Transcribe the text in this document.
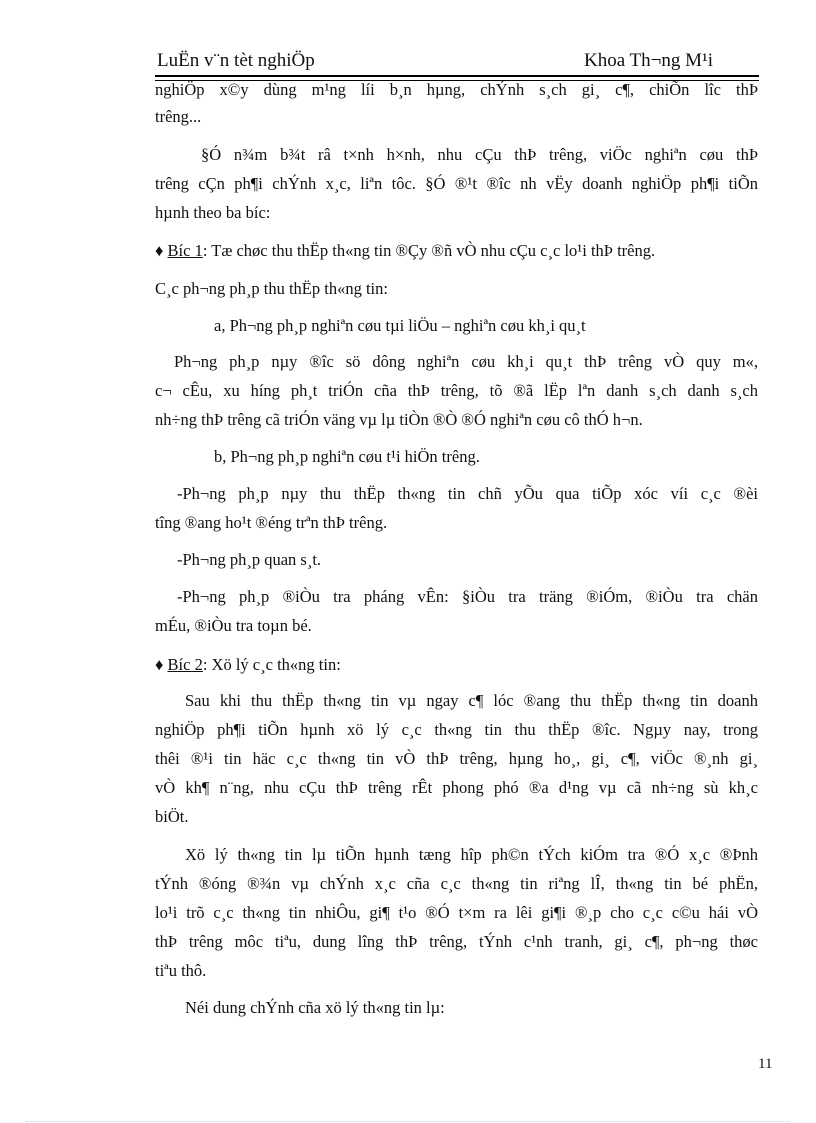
LuËn v¨n tèt nghiÖp	Khoa Th¬ng M¹i
nghiÖp x©y dùng m¹ng líi b¸n hµng, chÝnh s¸ch gi¸ c¶, chiÕn lîc thÞ
trêng...
§Ó n¾m b¾t râ t×nh h×nh, nhu cÇu thÞ trêng, viÖc nghiªn cøu thÞ
trêng cÇn ph¶i chÝnh x¸c, liªn tôc. §Ó ®¹t ®îc nh vËy doanh nghiÖp ph¶i tiÕn
hµnh theo ba bíc:
♦ Bíc 1: Tæ chøc thu thËp th«ng tin ®Çy ®ñ vÒ nhu cÇu c¸c lo¹i thÞ trêng.
C¸c ph¬ng ph¸p thu thËp th«ng tin:
a, Ph¬ng ph¸p nghiªn cøu tµi liÖu – nghiªn cøu kh¸i qu¸t
Ph¬ng ph¸p nµy ®îc sö dông nghiªn cøu kh¸i qu¸t thÞ trêng vÒ quy m«,
c¬ cÊu, xu híng ph¸t triÓn cña thÞ trêng, tõ ®ã lËp lªn danh s¸ch danh s¸ch
nh÷ng thÞ trêng cã triÓn väng vµ lµ tiÒn ®Ò ®Ó nghiªn cøu cô thÓ h¬n.
b, Ph¬ng ph¸p nghiªn cøu t¹i hiÖn trêng.
-Ph¬ng ph¸p nµy thu thËp th«ng tin chñ yÕu qua tiÕp xóc víi c¸c ®èi
tîng ®ang ho¹t ®éng trªn thÞ trêng.
-Ph¬ng ph¸p quan s¸t.
-Ph¬ng ph¸p ®iÒu tra pháng vÊn: §iÒu tra träng ®iÓm, ®iÒu tra chän
mÉu, ®iÒu tra toµn bé.
♦ Bíc 2: Xö lý c¸c th«ng tin:
Sau khi thu thËp th«ng tin vµ ngay c¶ lóc ®ang thu thËp th«ng tin doanh
nghiÖp ph¶i tiÕn hµnh xö lý c¸c th«ng tin thu thËp ®îc. Ngµy nay, trong
thêi ®¹i tin häc c¸c th«ng tin vÒ thÞ trêng, hµng ho¸, gi¸ c¶, viÖc ®¸nh gi¸
vÒ kh¶ n¨ng, nhu cÇu thÞ trêng rÊt phong phó ®a d¹ng vµ cã nh÷ng sù kh¸c
biÖt.
Xö lý th«ng tin lµ tiÕn hµnh tæng hîp ph©n tÝch kiÓm tra ®Ó x¸c ®Þnh
tÝnh ®óng ®¾n vµ chÝnh x¸c cña c¸c th«ng tin riªng lÎ, th«ng tin bé phËn,
lo¹i trõ c¸c th«ng tin nhiÔu, gi¶ t¹o ®Ó t×m ra lêi gi¶i ®¸p cho c¸c c©u hái vÒ
thÞ trêng môc tiªu, dung lîng thÞ trêng, tÝnh c¹nh tranh, gi¸ c¶, ph¬ng thøc
tiªu thô.
Néi dung chÝnh cña xö lý th«ng tin lµ:
11
